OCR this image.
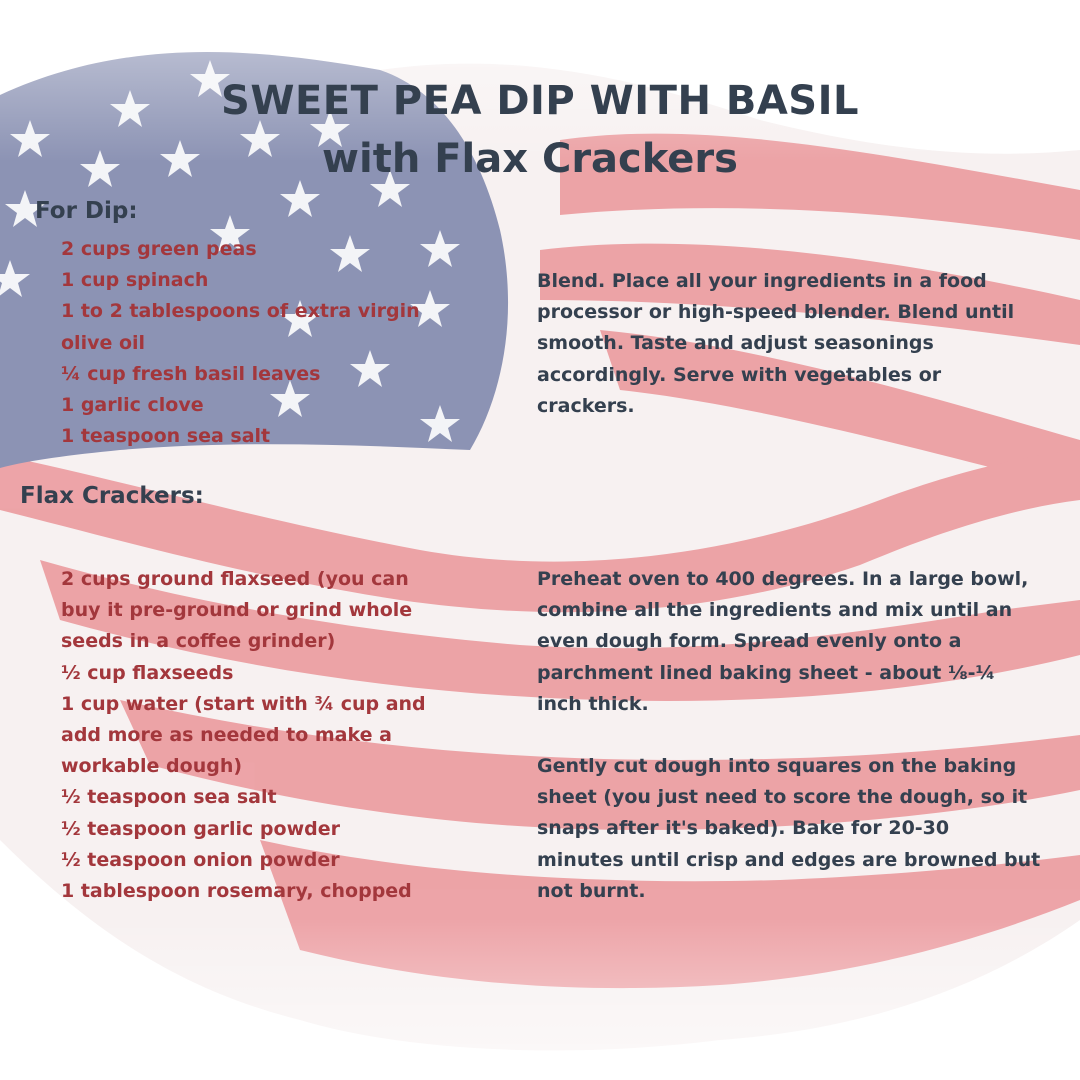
SWEET PEA DIP WITH BASIL
with Flax Crackers
For Dip:
2 cups green peas
1 cup spinach
1 to 2 tablespoons of extra virgin olive oil
¼ cup fresh basil leaves
1 garlic clove
1 teaspoon sea salt

Blend. Place all your ingredients in a food processor or high-speed blender. Blend until smooth. Taste and adjust seasonings accordingly. Serve with vegetables or crackers.

Flax Crackers:
2 cups ground flaxseed (you can buy it pre-ground or grind whole seeds in a coffee grinder)
½ cup flaxseeds
1 cup water (start with ¾ cup and add more as needed to make a workable dough)
½ teaspoon sea salt
½ teaspoon garlic powder
½ teaspoon onion powder
1 tablespoon rosemary, chopped

Preheat oven to 400 degrees. In a large bowl, combine all the ingredients and mix until an even dough form. Spread evenly onto a parchment lined baking sheet - about ⅛-¼ inch thick.

Gently cut dough into squares on the baking sheet (you just need to score the dough, so it snaps after it's baked). Bake for 20-30 minutes until crisp and edges are browned but not burnt.
